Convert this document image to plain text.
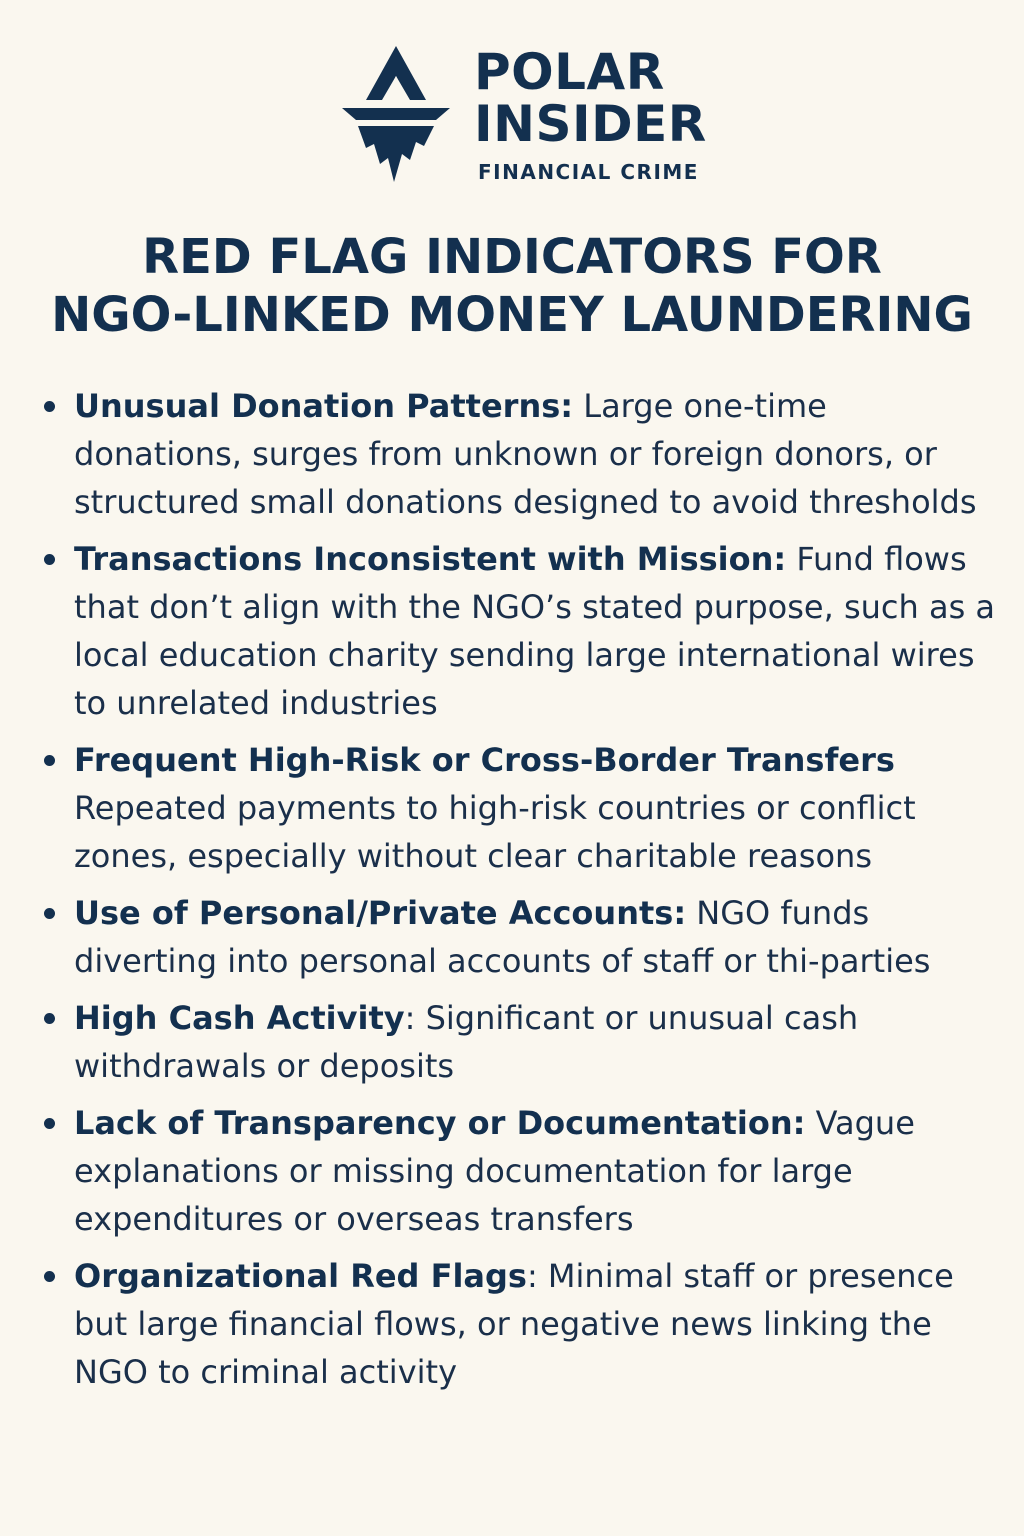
POLAR
INSIDER
FINANCIAL CRIME
RED FLAG INDICATORS FOR
NGO-LINKED MONEY LAUNDERING
Unusual Donation Patterns: Large one-time donations, surges from unknown or foreign donors, or structured small donations designed to avoid thresholds
Transactions Inconsistent with Mission: Fund flows that don’t align with the NGO’s stated purpose, such as a local education charity sending large international wires to unrelated industries
Frequent High-Risk or Cross-Border Transfers Repeated payments to high-risk countries or conflict zones, especially without clear charitable reasons
Use of Personal/Private Accounts: NGO funds diverting into personal accounts of staff or thi-parties
High Cash Activity: Significant or unusual cash withdrawals or deposits
Lack of Transparency or Documentation: Vague explanations or missing documentation for large expenditures or overseas transfers
Organizational Red Flags: Minimal staff or presence but large financial flows, or negative news linking the NGO to criminal activity
